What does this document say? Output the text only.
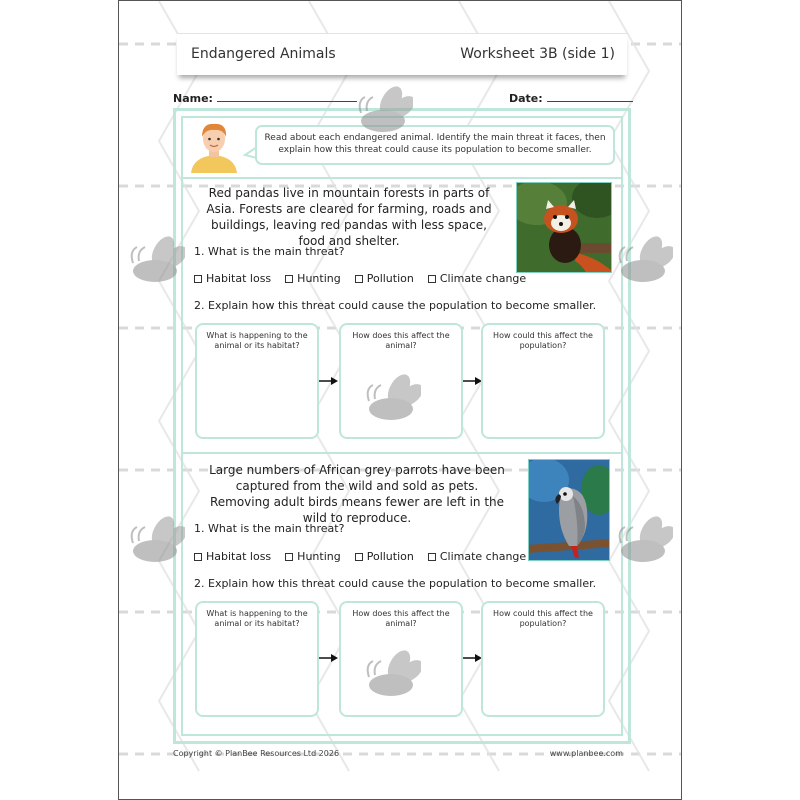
Endangered Animals	Worksheet 3B (side 1)
Name:	Date:
Read about each endangered animal. Identify the main threat it faces, then explain how this threat could cause its population to become smaller.
Red pandas live in mountain forests in parts of Asia. Forests are cleared for farming, roads and buildings, leaving red pandas with less space, food and shelter.
1. What is the main threat?
Habitat loss Hunting Pollution Climate change
2. Explain how this threat could cause the population to become smaller.
What is happening to the animal or its habitat?
How does this affect the animal?
How could this affect the population?
Large numbers of African grey parrots have been captured from the wild and sold as pets. Removing adult birds means fewer are left in the wild to reproduce.
1. What is the main threat?
Habitat loss Hunting Pollution Climate change
2. Explain how this threat could cause the population to become smaller.
What is happening to the animal or its habitat?
How does this affect the animal?
How could this affect the population?
Copyright © PlanBee Resources Ltd 2026	www.planbee.com
